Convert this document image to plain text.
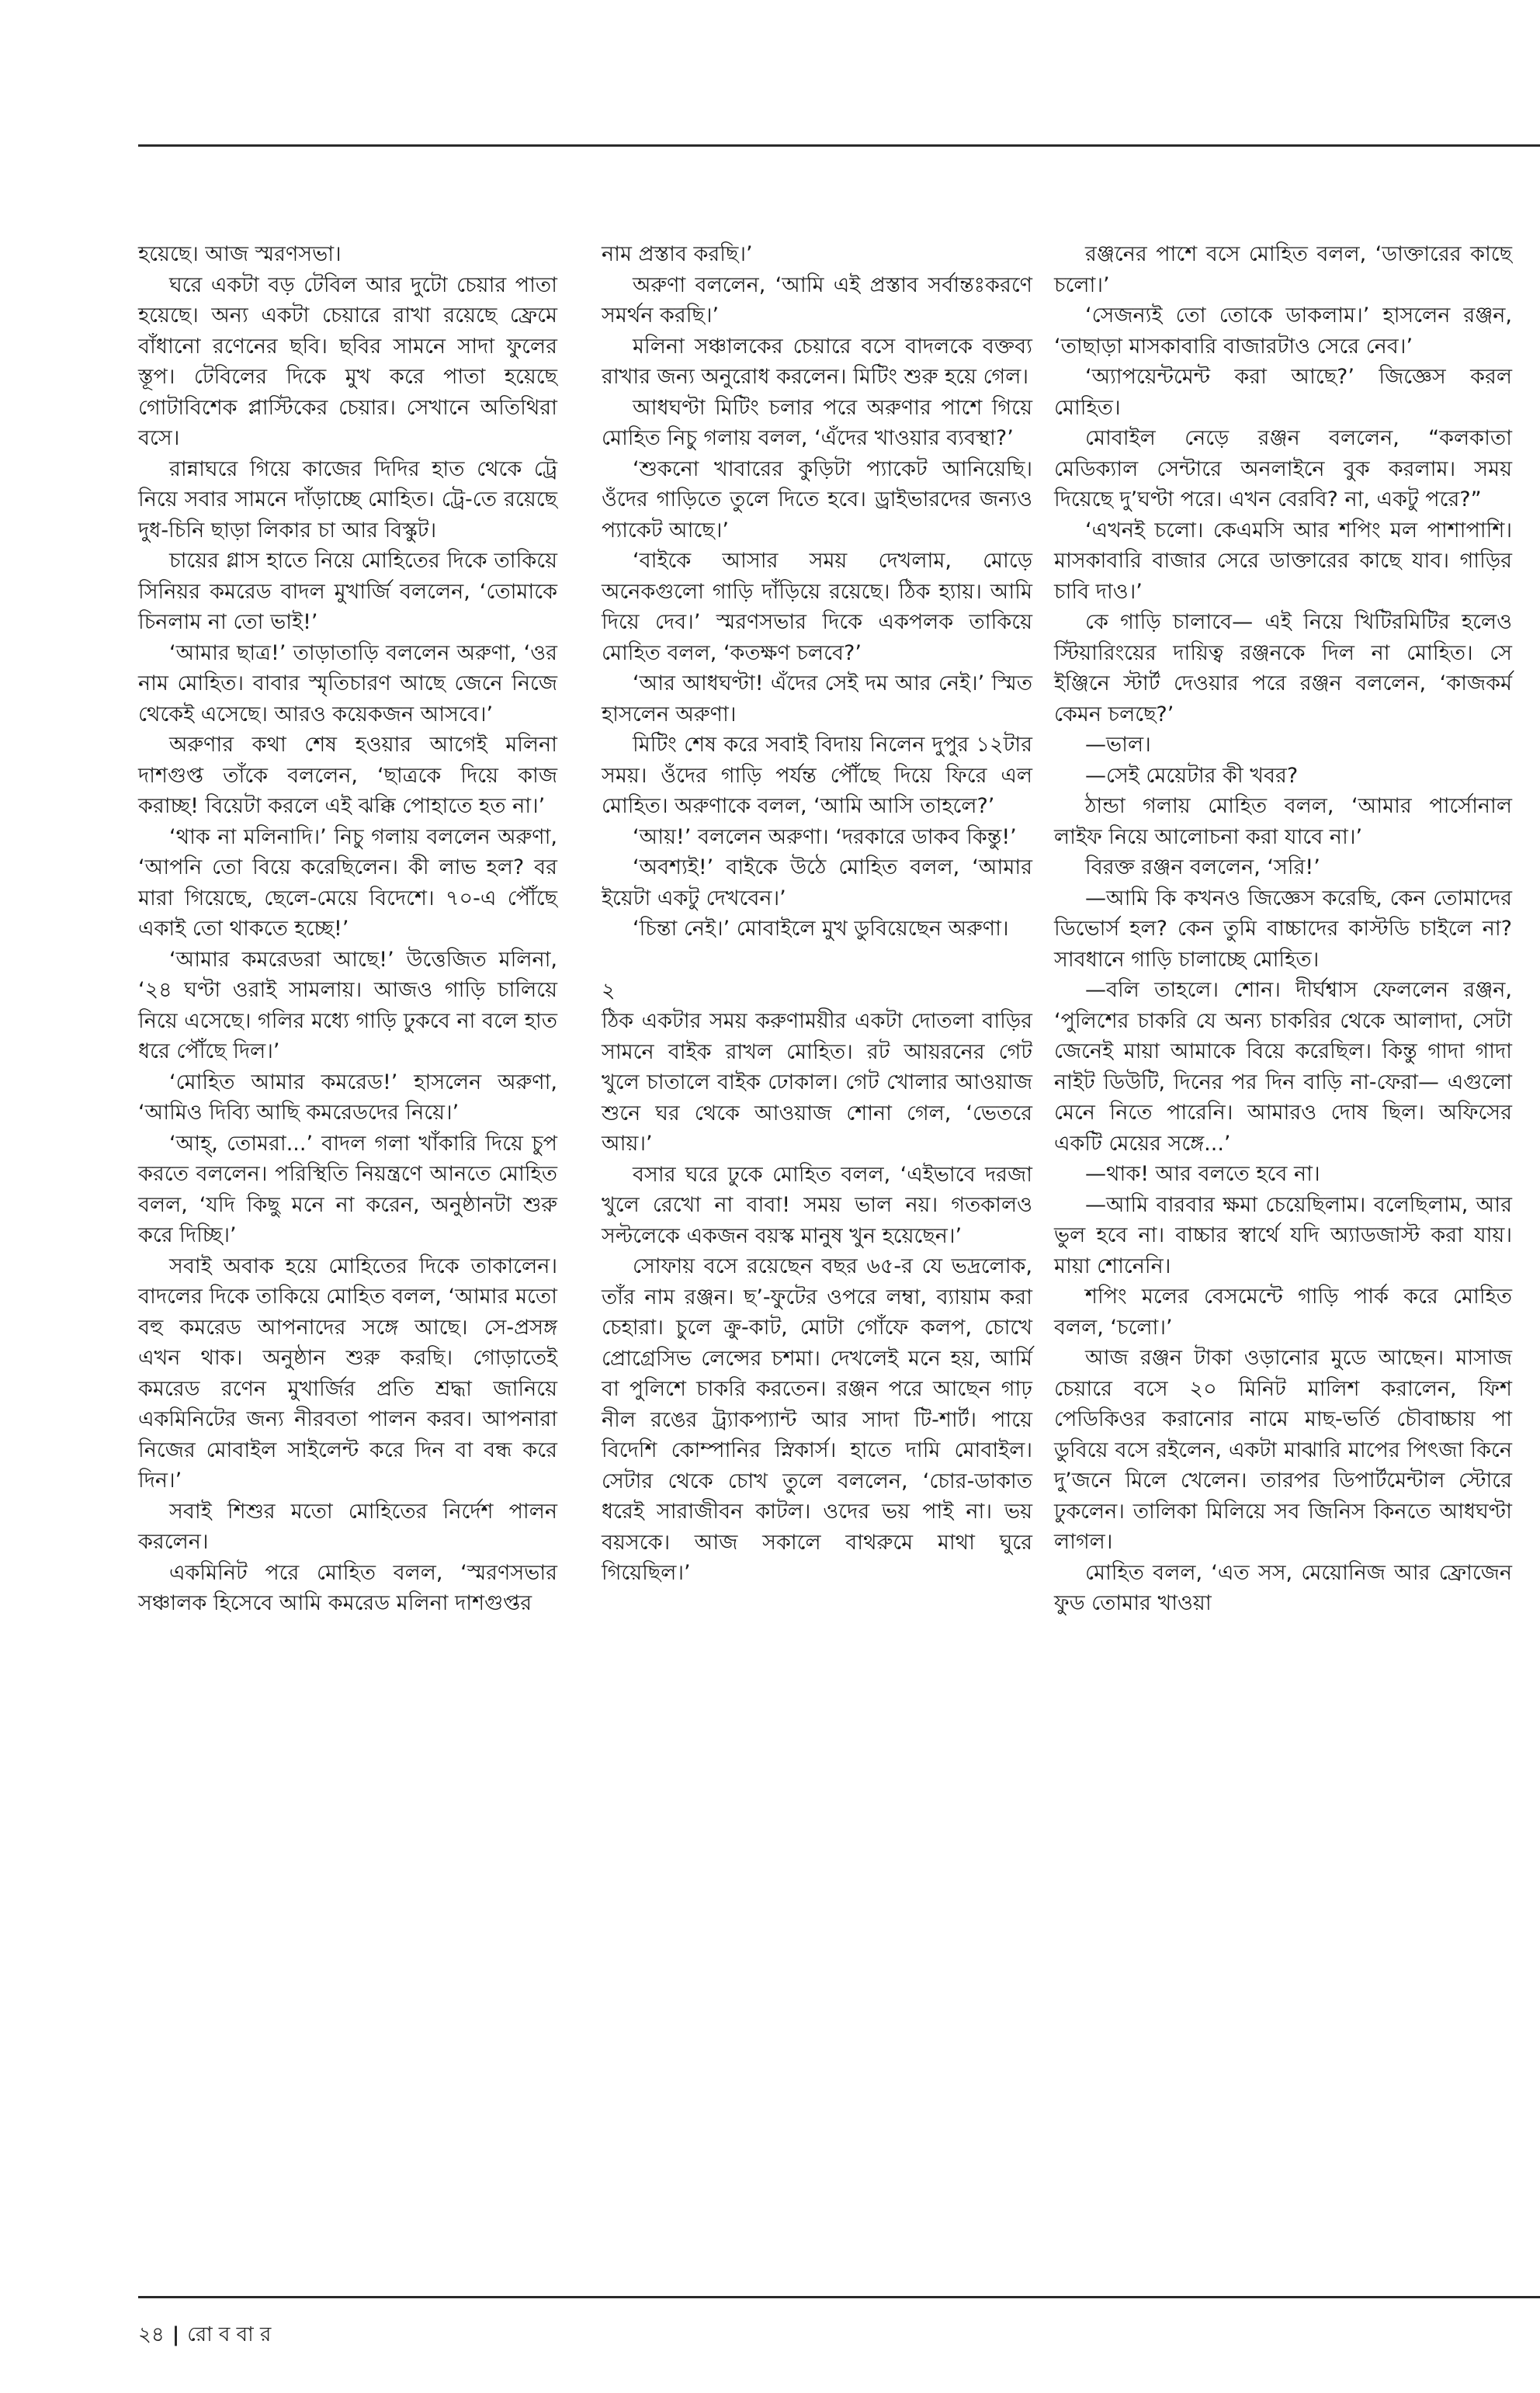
হয়েছে। আজ স্মরণসভা।

ঘরে একটা বড় টেবিল আর দুটো চেয়ার পাতা হয়েছে। অন্য একটা চেয়ারে রাখা রয়েছে ফ্রেমে বাঁধানো রণেনের ছবি। ছবির সামনে সাদা ফুলের স্তূপ। টেবিলের দিকে মুখ করে পাতা হয়েছে গোটাবিশেক প্লাস্টিকের চেয়ার। সেখানে অতিথিরা বসে।

রান্নাঘরে গিয়ে কাজের দিদির হাত থেকে ট্রে নিয়ে সবার সামনে দাঁড়াচ্ছে মোহিত। ট্রে-তে রয়েছে দুধ-চিনি ছাড়া লিকার চা আর বিস্কুট।

চায়ের গ্লাস হাতে নিয়ে মোহিতের দিকে তাকিয়ে সিনিয়র কমরেড বাদল মুখার্জি বললেন, ‘তোমাকে চিনলাম না তো ভাই!’

‘আমার ছাত্র!’ তাড়াতাড়ি বললেন অরুণা, ‘ওর নাম মোহিত। বাবার স্মৃতিচারণ আছে জেনে নিজে থেকেই এসেছে। আরও কয়েকজন আসবে।’

অরুণার কথা শেষ হওয়ার আগেই মলিনা দাশগুপ্ত তাঁকে বললেন, ‘ছাত্রকে দিয়ে কাজ করাচ্ছ! বিয়েটা করলে এই ঝক্কি পোহাতে হত না।’

‘থাক না মলিনাদি।’ নিচু গলায় বললেন অরুণা, ‘আপনি তো বিয়ে করেছিলেন। কী লাভ হল? বর মারা গিয়েছে, ছেলে-মেয়ে বিদেশে। ৭০-এ পৌঁছে একাই তো থাকতে হচ্ছে!’

‘আমার কমরেডরা আছে!’ উত্তেজিত মলিনা, ‘২৪ ঘণ্টা ওরাই সামলায়। আজও গাড়ি চালিয়ে নিয়ে এসেছে। গলির মধ্যে গাড়ি ঢুকবে না বলে হাত ধরে পৌঁছে দিল।’

‘মোহিত আমার কমরেড!’ হাসলেন অরুণা, ‘আমিও দিব্যি আছি কমরেডদের নিয়ে।’

‘আহ্, তোমরা...’ বাদল গলা খাঁকারি দিয়ে চুপ করতে বললেন। পরিস্থিতি নিয়ন্ত্রণে আনতে মোহিত বলল, ‘যদি কিছু মনে না করেন, অনুষ্ঠানটা শুরু করে দিচ্ছি।’

সবাই অবাক হয়ে মোহিতের দিকে তাকালেন। বাদলের দিকে তাকিয়ে মোহিত বলল, ‘আমার মতো বহু কমরেড আপনাদের সঙ্গে আছে। সে-প্রসঙ্গ এখন থাক। অনুষ্ঠান শুরু করছি। গোড়াতেই কমরেড রণেন মুখার্জির প্রতি শ্রদ্ধা জানিয়ে একমিনিটের জন্য নীরবতা পালন করব। আপনারা নিজের মোবাইল সাইলেন্ট করে দিন বা বন্ধ করে দিন।’

সবাই শিশুর মতো মোহিতের নির্দেশ পালন করলেন।

একমিনিট পরে মোহিত বলল, ‘স্মরণসভার সঞ্চালক হিসেবে আমি কমরেড মলিনা দাশগুপ্তর

নাম প্রস্তাব করছি।’

অরুণা বললেন, ‘আমি এই প্রস্তাব সর্বান্তঃকরণে সমর্থন করছি।’

মলিনা সঞ্চালকের চেয়ারে বসে বাদলকে বক্তব্য রাখার জন্য অনুরোধ করলেন। মিটিং শুরু হয়ে গেল।

আধঘণ্টা মিটিং চলার পরে অরুণার পাশে গিয়ে মোহিত নিচু গলায় বলল, ‘এঁদের খাওয়ার ব্যবস্থা?’

‘শুকনো খাবারের কুড়িটা প্যাকেট আনিয়েছি। ওঁদের গাড়িতে তুলে দিতে হবে। ড্রাইভারদের জন্যও প্যাকেট আছে।’

‘বাইকে আসার সময় দেখলাম, মোড়ে অনেকগুলো গাড়ি দাঁড়িয়ে রয়েছে। ঠিক হ্যায়। আমি দিয়ে দেব।’ স্মরণসভার দিকে একপলক তাকিয়ে মোহিত বলল, ‘কতক্ষণ চলবে?’

‘আর আধঘণ্টা! এঁদের সেই দম আর নেই।’ স্মিত হাসলেন অরুণা।

মিটিং শেষ করে সবাই বিদায় নিলেন দুপুর ১২টার সময়। ওঁদের গাড়ি পর্যন্ত পৌঁছে দিয়ে ফিরে এল মোহিত। অরুণাকে বলল, ‘আমি আসি তাহলে?’

‘আয়!’ বললেন অরুণা। ‘দরকারে ডাকব কিন্তু!’

‘অবশ্যই!’ বাইকে উঠে মোহিত বলল, ‘আমার ইয়েটা একটু দেখবেন।’

‘চিন্তা নেই।’ মোবাইলে মুখ ডুবিয়েছেন অরুণা।

২

ঠিক একটার সময় করুণাময়ীর একটা দোতলা বাড়ির সামনে বাইক রাখল মোহিত। রট আয়রনের গেট খুলে চাতালে বাইক ঢোকাল। গেট খোলার আওয়াজ শুনে ঘর থেকে আওয়াজ শোনা গেল, ‘ভেতরে আয়।’

বসার ঘরে ঢুকে মোহিত বলল, ‘এইভাবে দরজা খুলে রেখো না বাবা! সময় ভাল নয়। গতকালও সল্টলেকে একজন বয়স্ক মানুষ খুন হয়েছেন।’

সোফায় বসে রয়েছেন বছর ৬৫-র যে ভদ্রলোক, তাঁর নাম রঞ্জন। ছ’-ফুটের ওপরে লম্বা, ব্যায়াম করা চেহারা। চুলে ক্রু-কাট, মোটা গোঁফে কলপ, চোখে প্রোগ্রেসিভ লেন্সের চশমা। দেখলেই মনে হয়, আর্মি বা পুলিশে চাকরি করতেন। রঞ্জন পরে আছেন গাঢ় নীল রঙের ট্র্যাকপ্যান্ট আর সাদা টি-শার্ট। পায়ে বিদেশি কোম্পানির স্নিকার্স। হাতে দামি মোবাইল। সেটার থেকে চোখ তুলে বললেন, ‘চোর-ডাকাত ধরেই সারাজীবন কাটল। ওদের ভয় পাই না। ভয় বয়সকে। আজ সকালে বাথরুমে মাথা ঘুরে গিয়েছিল।’

রঞ্জনের পাশে বসে মোহিত বলল, ‘ডাক্তারের কাছে চলো।’

‘সেজন্যই তো তোকে ডাকলাম।’ হাসলেন রঞ্জন, ‘তাছাড়া মাসকাবারি বাজারটাও সেরে নেব।’

‘অ্যাপয়েন্টমেন্ট করা আছে?’ জিজ্ঞেস করল মোহিত।

মোবাইল নেড়ে রঞ্জন বললেন, “কলকাতা মেডিক্যাল সেন্টারে অনলাইনে বুক করলাম। সময় দিয়েছে দু’ঘণ্টা পরে। এখন বেরবি? না, একটু পরে?”

‘এখনই চলো। কেএমসি আর শপিং মল পাশাপাশি। মাসকাবারি বাজার সেরে ডাক্তারের কাছে যাব। গাড়ির চাবি দাও।’

কে গাড়ি চালাবে— এই নিয়ে খিটিরমিটির হলেও স্টিয়ারিংয়ের দায়িত্ব রঞ্জনকে দিল না মোহিত। সে ইঞ্জিনে স্টার্ট দেওয়ার পরে রঞ্জন বললেন, ‘কাজকর্ম কেমন চলছে?’

—ভাল।

—সেই মেয়েটার কী খবর?

ঠান্ডা গলায় মোহিত বলল, ‘আমার পার্সোনাল লাইফ নিয়ে আলোচনা করা যাবে না।’

বিরক্ত রঞ্জন বললেন, ‘সরি!’

—আমি কি কখনও জিজ্ঞেস করেছি, কেন তোমাদের ডিভোর্স হল? কেন তুমি বাচ্চাদের কাস্টডি চাইলে না? সাবধানে গাড়ি চালাচ্ছে মোহিত।

—বলি তাহলে। শোন। দীর্ঘশ্বাস ফেললেন রঞ্জন, ‘পুলিশের চাকরি যে অন্য চাকরির থেকে আলাদা, সেটা জেনেই মায়া আমাকে বিয়ে করেছিল। কিন্তু গাদা গাদা নাইট ডিউটি, দিনের পর দিন বাড়ি না-ফেরা— এগুলো মেনে নিতে পারেনি। আমারও দোষ ছিল। অফিসের একটি মেয়ের সঙ্গে...’

—থাক! আর বলতে হবে না।

—আমি বারবার ক্ষমা চেয়েছিলাম। বলেছিলাম, আর ভুল হবে না। বাচ্চার স্বার্থে যদি অ্যাডজাস্ট করা যায়। মায়া শোনেনি।

শপিং মলের বেসমেন্টে গাড়ি পার্ক করে মোহিত বলল, ‘চলো।’

আজ রঞ্জন টাকা ওড়ানোর মুডে আছেন। মাসাজ চেয়ারে বসে ২০ মিনিট মালিশ করালেন, ফিশ পেডিকিওর করানোর নামে মাছ-ভর্তি চৌবাচ্চায় পা ডুবিয়ে বসে রইলেন, একটা মাঝারি মাপের পিৎজা কিনে দু’জনে মিলে খেলেন। তারপর ডিপার্টমেন্টাল স্টোরে ঢুকলেন। তালিকা মিলিয়ে সব জিনিস কিনতে আধঘণ্টা লাগল।

মোহিত বলল, ‘এত সস, মেয়োনিজ আর ফ্রোজেন ফুড তোমার খাওয়া

২৪ | রো ব বা র
